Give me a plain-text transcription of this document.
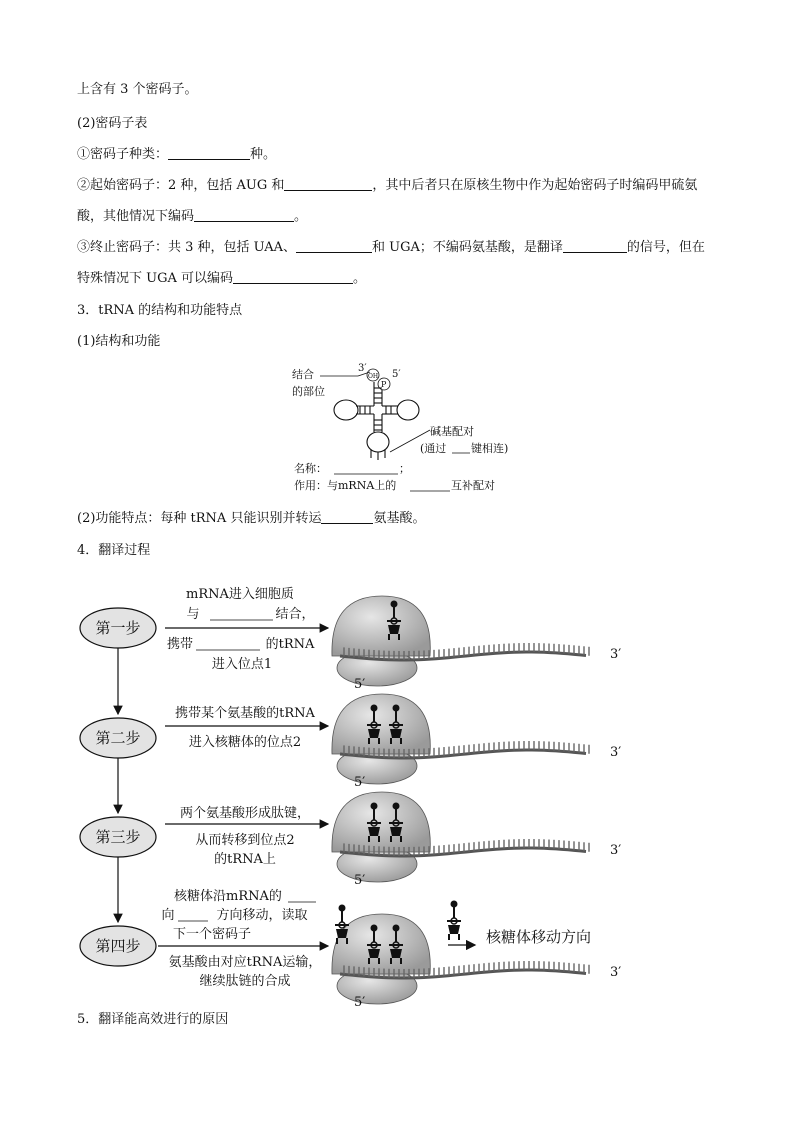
上含有 3 个密码子。
(2)密码子表
①密码子种类：	种。
②起始密码子：2 种，包括 AUG 和	，其中后者只在原核生物中作为起始密码子时编码甲硫氨
酸，其他情况下编码	。
③终止密码子：共 3 种，包括 UAA、	和 UGA；不编码氨基酸，是翻译	的信号，但在
特殊情况下 UGA 可以编码	。
3．tRNA 的结构和功能特点
(1)结构和功能
结合
的部位
3′
OH
P
5′
碱基配对
(通过 键相连)
名称：	；
作用：与mRNA上的	互补配对
(2)功能特点：每种 tRNA 只能识别并转运	氨基酸。
4．翻译过程
第一步
第二步
第三步
第四步
mRNA进入细胞质
与	结合，
携带	的tRNA
进入位点1
携带某个氨基酸的tRNA
进入核糖体的位点2
两个氨基酸形成肽键，
从而转移到位点2
的tRNA上
核糖体沿mRNA的
向	方向移动，读取
下一个密码子
氨基酸由对应tRNA运输，
继续肽链的合成
3′
5′
3′
5′
3′
5′
3′
5′
核糖体移动方向
5．翻译能高效进行的原因
